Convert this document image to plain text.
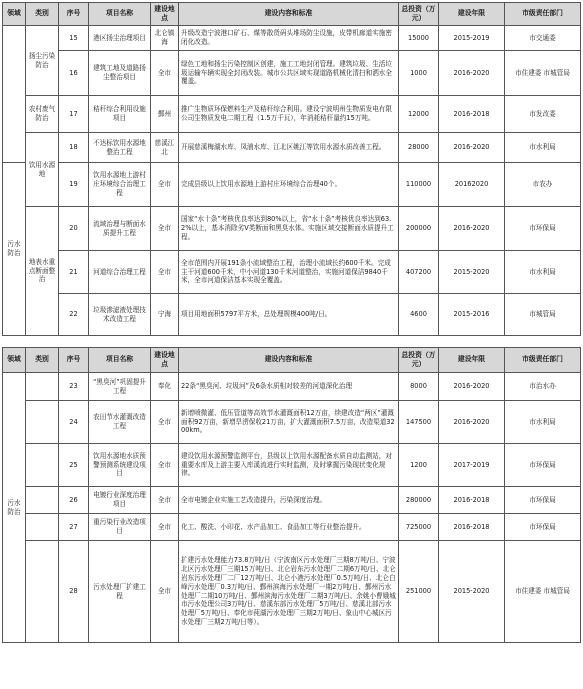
领域	类别	序号	项目名称	建设地点	建设内容和标准	总投资（万元）	建设年限	市级责任部门
	扬尘污染防治	15	港区扬尘治理项目	北仑镇海	升级改造宁波港口矿石、煤等散货码头堆场防尘设施，皮带机廊道实施密闭化改造。	15000	2015-2019	市交通委
		16	建筑工地及道路扬尘整治项目	全市	绿色工地和扬尘污染控制区创建，施工工地封闭管理。建筑垃圾、生活垃圾运输车辆实现全封闭改装。城市公共区域实现道路机械化清扫和洒水全覆盖。	1000	2016-2020	市住建委 市城管局
	农村废气防治	17	秸秆综合利用设施项目	鄞州	推广生物质环保燃料生产及秸秆综合利用。建设宁波明州生物质发电有限公司生物质发电二期工程（1.5万千瓦），年消耗秸秆量约15万吨。	12000	2016-2018	市发改委
	饮用水源地	18	不达标饮用水源地整治工程	慈溪江北	开展慈溪梅湖水库、凤浦水库、江北区姚江等饮用水源水质改善工程。	28000	2016-2020	市水利局
污水防治		19	饮用水源地上游村庄环境综合治理工程	全市	完成县级以上饮用水源地上游村庄环境综合治理40个。	110000	20162020	市农办
	地表水重点断面整治	20	流域治理与断面水质提升工程	全市	国家“水十条”考核优良率达到80%以上，省“水十条”考核优良率达到63.2%以上，基本消除劣Ⅴ类断面和黑臭水体。实施区域交接断面水质提升工程。	200000	2016-2020	市环保局
		21	河道综合治理工程	全市	全市范围内开展191条小流域整治工程，治理小流域长约600千米。完成主干河道600千米，中小河道130千米河道整治，实施河道保洁9840千米，全市河道保洁基本实现全覆盖。	407200	2015-2020	市水利局
		22	垃圾渗滤液处理技术改造工程	宁海	项目用地面积5797平方米，总处理规模400吨/日。	4600	2015-2016	市城管局
领域	类别	序号	项目名称	建设地点	建设内容和标准	总投资（万元）	建设年限	市级责任部门
污水防治		23	“黑臭河”巩固提升工程	奉化	22条“黑臭河、垃圾河”及6条水质相对较差的河道深化治理	8000	2016-2020	市治水办
		24	农田节水灌溉改造工程	全市	新增喷微灌、低压管道等高效节水灌溉面积12万亩，续建改造“两区”灌溉面积92万亩，新增旱涝保收21万亩，扩大灌溉面积7.5万亩，改造渠道3200km。	147500	2016-2020	市水利局
		25	饮用水源地水质预警预测系统建设项目	全市	建设饮用水源预警监测平台，县级以上饮用水源配备水质自动监测站，对重要水库及上游主要入库溪流进行实时监测，及时掌握污染现状变化规律。	1200	2017-2019	市环保局
		26	电镀行业深度治理项目	全市	全市电镀企业实施工艺改造提升，污染深度治理。	280000	2016-2018	市环保局
		27	重污染行业改造项目	全市	化工、酸洗、小印花、水产品加工、食品加工等行业整治提升。	725000	2016-2018	市环保局
		28	污水处理厂扩建工程	全市	扩建污水处理能力73.8万吨/日（宁波南区污水处理厂三期8万吨/日、宁波北区污水处理厂三期15万吨/日、北仑岩东污水处理厂二期6万吨/日、北仑岩东污水处理厂二厂12万吨/日、北仑小港污水处理厂0.5万吨/日、北仑白峰污水处理厂0.3万吨/日、鄞州滨海污水处理厂一期2万吨/日、鄞州污水处理厂二期10万吨/日、鄞州滨海污水处理厂二期3万吨/日、余姚小曹娥城市污水处理公司3万吨/日、慈溪东部污水处理厂5万吨/日、慈溪北部污水处理厂5万吨/日、奉化市莼湖污水处理厂三期2万吨/日、象山中心城区污水处理厂三期2万吨/日等）。	251000	2015-2020	市住建委 市城管局
